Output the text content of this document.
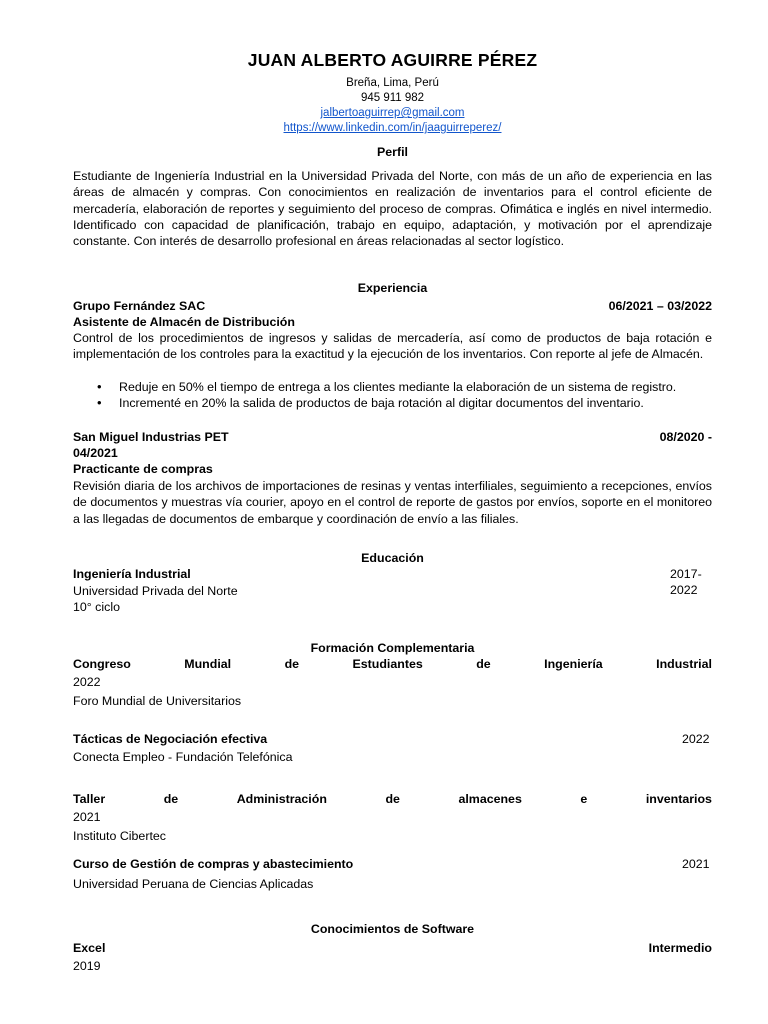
JUAN ALBERTO AGUIRRE PÉREZ
Breña, Lima, Perú
945 911 982
jalbertoaguirrep@gmail.com
https://www.linkedin.com/in/jaaguirreperez/
Perfil
Estudiante de Ingeniería Industrial en la Universidad Privada del Norte, con más de un año de experiencia en las áreas de almacén y compras. Con conocimientos en realización de inventarios para el control eficiente de mercadería, elaboración de reportes y seguimiento del proceso de compras. Ofimática e inglés en nivel intermedio. Identificado con capacidad de planificación, trabajo en equipo, adaptación, y motivación por el aprendizaje constante. Con interés de desarrollo profesional en áreas relacionadas al sector logístico.
Experiencia
Grupo Fernández SAC	06/2021 – 03/2022
Asistente de Almacén de Distribución
Control de los procedimientos de ingresos y salidas de mercadería, así como de productos de baja rotación e implementación de los controles para la exactitud y la ejecución de los inventarios. Con reporte al jefe de Almacén.
• Reduje en 50% el tiempo de entrega a los clientes mediante la elaboración de un sistema de registro.
• Incrementé en 20% la salida de productos de baja rotación al digitar documentos del inventario.
San Miguel Industrias PET	08/2020 -
04/2021
Practicante de compras
Revisión diaria de los archivos de importaciones de resinas y ventas interfiliales, seguimiento a recepciones, envíos de documentos y muestras vía courier, apoyo en el control de reporte de gastos por envíos, soporte en el monitoreo a las llegadas de documentos de embarque y coordinación de envío a las filiales.
Educación
Ingeniería Industrial	2017-2022
Universidad Privada del Norte
10° ciclo
Formación Complementaria
Congreso	Mundial	de	Estudiantes	de	Ingeniería	Industrial
2022
Foro Mundial de Universitarios
Tácticas de Negociación efectiva	2022
Conecta Empleo - Fundación Telefónica
Taller	de	Administración	de	almacenes	e	inventarios
2021
Instituto Cibertec
Curso de Gestión de compras y abastecimiento	2021
Universidad Peruana de Ciencias Aplicadas
Conocimientos de Software
Excel	Intermedio
2019
